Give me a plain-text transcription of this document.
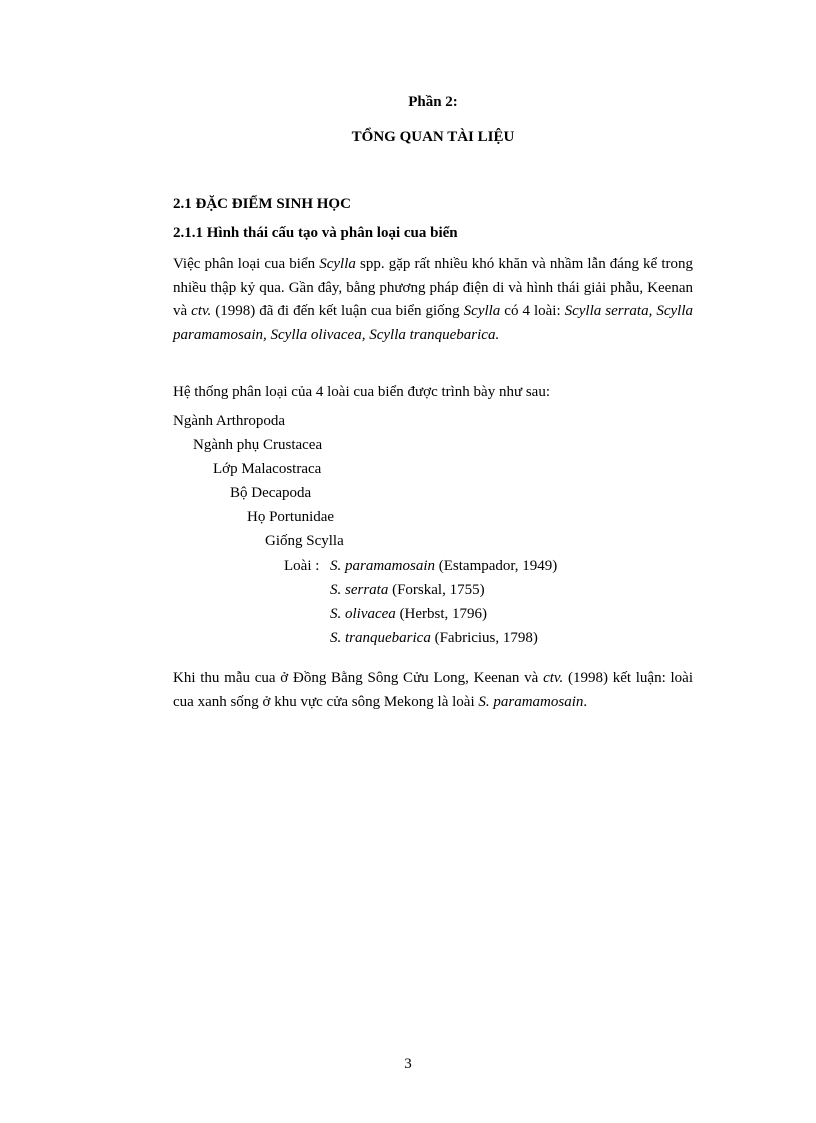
Phần 2:
TỔNG QUAN TÀI LIỆU
2.1 ĐẶC ĐIỂM SINH HỌC
2.1.1 Hình thái cấu tạo và phân loại cua biển
Việc phân loại cua biển Scylla spp. gặp rất nhiều khó khăn và nhầm lẫn đáng kể trong nhiều thập kỷ qua. Gần đây, bằng phương pháp điện di và hình thái giải phẫu, Keenan và ctv. (1998) đã đi đến kết luận cua biển giống Scylla có 4 loài: Scylla serrata, Scylla paramamosain, Scylla olivacea, Scylla tranquebarica.
Hệ thống phân loại của 4 loài cua biển được trình bày như sau:
Ngành Arthropoda
Ngành phụ Crustacea
Lớp Malacostraca
Bộ Decapoda
Họ Portunidae
Giống Scylla
Loài : S. paramamosain (Estampador, 1949)
S. serrata (Forskal, 1755)
S. olivacea (Herbst, 1796)
S. tranquebarica (Fabricius, 1798)
Khi thu mẫu cua ở Đồng Bằng Sông Cửu Long, Keenan và ctv. (1998) kết luận: loài cua xanh sống ở khu vực cửa sông Mekong là loài S. paramamosain.
3
